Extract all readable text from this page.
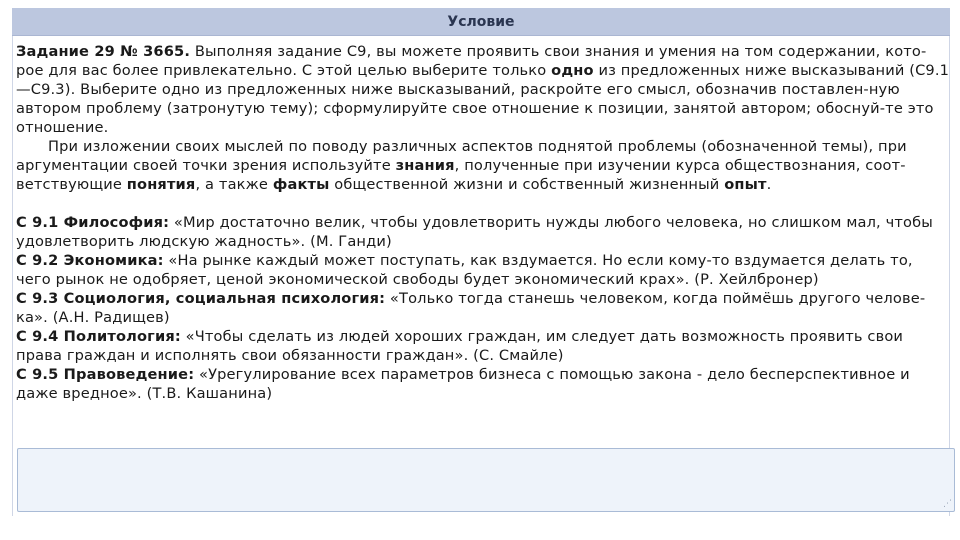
Условие

Задание 29 № 3665. Выполняя задание С9, вы можете проявить свои знания и умения на том содержании, кото-рое для вас более привлекательно. С этой целью выберите только одно из предложенных ниже высказываний (С9.1—С9.3). Выберите одно из предложенных ниже высказываний, раскройте его смысл, обозначив поставлен-ную автором проблему (затронутую тему); сформулируйте свое отношение к позиции, занятой автором; обоснуй-те это отношение.

При изложении своих мыслей по поводу различных аспектов поднятой проблемы (обозначенной темы), при аргументации своей точки зрения используйте знания, полученные при изучении курса обществознания, соот-ветствующие понятия, а также факты общественной жизни и собственный жизненный опыт.

С 9.1 Философия: «Мир достаточно велик, чтобы удовлетворить нужды любого человека, но слишком мал, чтобы удовлетворить людскую жадность». (М. Ганди)

С 9.2 Экономика: «На рынке каждый может поступать, как вздумается. Но если кому-то вздумается делать то, чего рынок не одобряет, ценой экономической свободы будет экономический крах». (Р. Хейлбронер)

С 9.3 Социология, социальная психология: «Только тогда станешь человеком, когда поймёшь другого челове-ка». (А.Н. Радищев)

С 9.4 Политология: «Чтобы сделать из людей хороших граждан, им следует дать возможность проявить свои права граждан и исполнять свои обязанности граждан». (С. Смайле)

С 9.5 Правоведение: «Урегулирование всех параметров бизнеса с помощью закона - дело бесперспективное и даже вредное». (Т.В. Кашанина)

⋰
